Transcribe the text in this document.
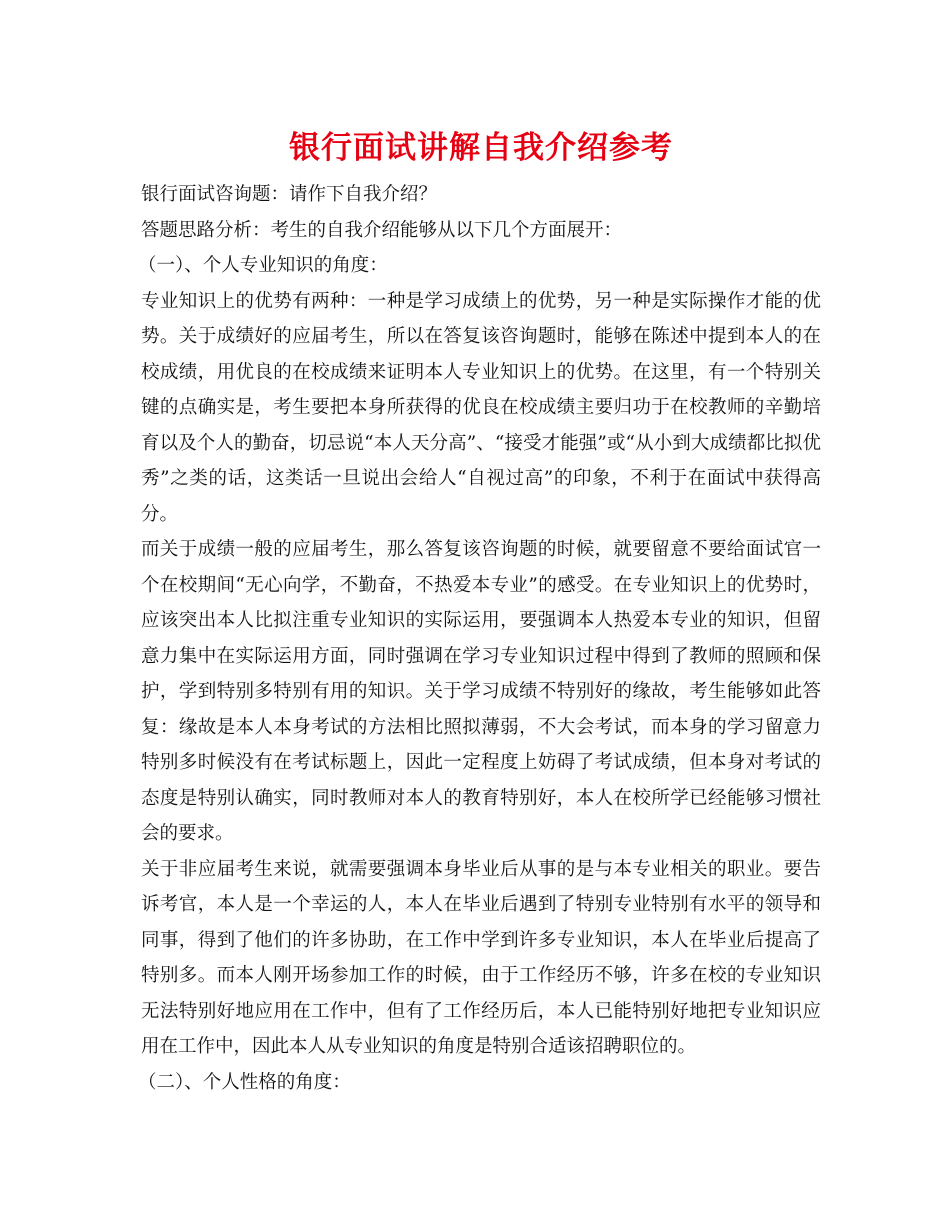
银行面试讲解自我介绍参考

银行面试咨询题：请作下自我介绍？

答题思路分析：考生的自我介绍能够从以下几个方面展开：

（一）、个人专业知识的角度：

专业知识上的优势有两种：一种是学习成绩上的优势，另一种是实际操作才能的优势。关于成绩好的应届考生，所以在答复该咨询题时，能够在陈述中提到本人的在校成绩，用优良的在校成绩来证明本人专业知识上的优势。在这里，有一个特别关键的点确实是，考生要把本身所获得的优良在校成绩主要归功于在校教师的辛勤培育以及个人的勤奋，切忌说“本人天分高”、“接受才能强”或“从小到大成绩都比拟优秀”之类的话，这类话一旦说出会给人“自视过高”的印象，不利于在面试中获得高分。

而关于成绩一般的应届考生，那么答复该咨询题的时候，就要留意不要给面试官一个在校期间“无心向学，不勤奋，不热爱本专业”的感受。在专业知识上的优势时，应该突出本人比拟注重专业知识的实际运用，要强调本人热爱本专业的知识，但留意力集中在实际运用方面，同时强调在学习专业知识过程中得到了教师的照顾和保护，学到特别多特别有用的知识。关于学习成绩不特别好的缘故，考生能够如此答复：缘故是本人本身考试的方法相比照拟薄弱，不大会考试，而本身的学习留意力特别多时候没有在考试标题上，因此一定程度上妨碍了考试成绩，但本身对考试的态度是特别认确实，同时教师对本人的教育特别好，本人在校所学已经能够习惯社会的要求。

关于非应届考生来说，就需要强调本身毕业后从事的是与本专业相关的职业。要告诉考官，本人是一个幸运的人，本人在毕业后遇到了特别专业特别有水平的领导和同事，得到了他们的许多协助，在工作中学到许多专业知识，本人在毕业后提高了特别多。而本人刚开场参加工作的时候，由于工作经历不够，许多在校的专业知识无法特别好地应用在工作中，但有了工作经历后，本人已能特别好地把专业知识应用在工作中，因此本人从专业知识的角度是特别合适该招聘职位的。

（二）、个人性格的角度：
